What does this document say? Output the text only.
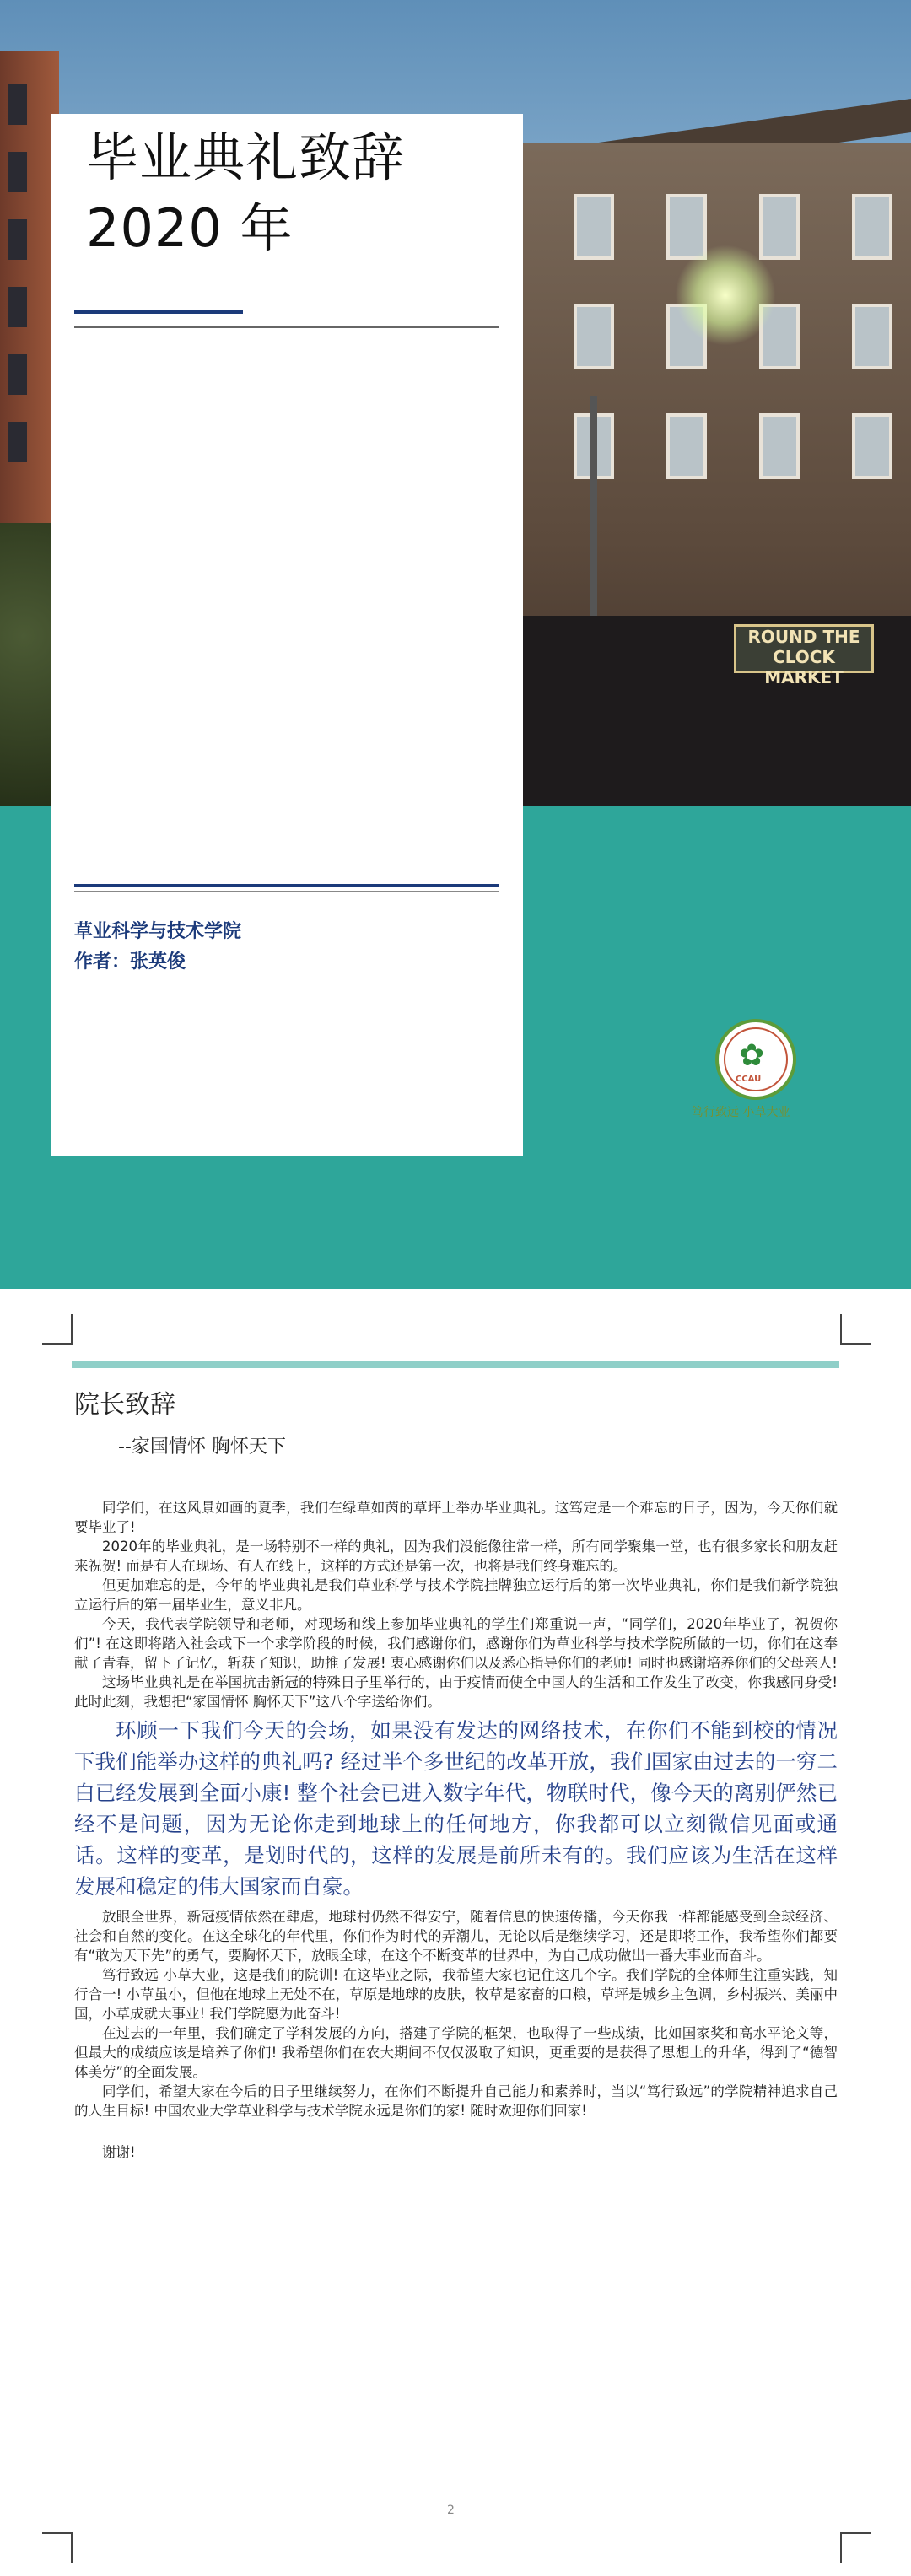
ROUND THE CLOCK MARKET
毕业典礼致辞
2020 年
草业科学与技术学院
作者：张英俊
✿
CCAU
笃行致远 小草大业
院长致辞
--家国情怀 胸怀天下

同学们，在这风景如画的夏季，我们在绿草如茵的草坪上举办毕业典礼。这笃定是一个难忘的日子，因为，今天你们就要毕业了!

2020年的毕业典礼，是一场特别不一样的典礼，因为我们没能像往常一样，所有同学聚集一堂，也有很多家长和朋友赶来祝贺! 而是有人在现场、有人在线上，这样的方式还是第一次，也将是我们终身难忘的。

但更加难忘的是，今年的毕业典礼是我们草业科学与技术学院挂牌独立运行后的第一次毕业典礼，你们是我们新学院独立运行后的第一届毕业生，意义非凡。

今天，我代表学院领导和老师，对现场和线上参加毕业典礼的学生们郑重说一声，“同学们，2020年毕业了，祝贺你们”! 在这即将踏入社会或下一个求学阶段的时候，我们感谢你们，感谢你们为草业科学与技术学院所做的一切，你们在这奉献了青春，留下了记忆，斩获了知识，助推了发展! 衷心感谢你们以及悉心指导你们的老师! 同时也感谢培养你们的父母亲人!

这场毕业典礼是在举国抗击新冠的特殊日子里举行的，由于疫情而使全中国人的生活和工作发生了改变，你我感同身受! 此时此刻，我想把“家国情怀 胸怀天下”这八个字送给你们。

环顾一下我们今天的会场，如果没有发达的网络技术，在你们不能到校的情况下我们能举办这样的典礼吗? 经过半个多世纪的改革开放，我们国家由过去的一穷二白已经发展到全面小康! 整个社会已进入数字年代，物联时代，像今天的离别俨然已经不是问题，因为无论你走到地球上的任何地方，你我都可以立刻微信见面或通话。这样的变革，是划时代的，这样的发展是前所未有的。我们应该为生活在这样发展和稳定的伟大国家而自豪。

放眼全世界，新冠疫情依然在肆虐，地球村仍然不得安宁，随着信息的快速传播，今天你我一样都能感受到全球经济、社会和自然的变化。在这全球化的年代里，你们作为时代的弄潮儿，无论以后是继续学习，还是即将工作，我希望你们都要有“敢为天下先”的勇气，要胸怀天下，放眼全球，在这个不断变革的世界中，为自己成功做出一番大事业而奋斗。

笃行致远 小草大业，这是我们的院训! 在这毕业之际，我希望大家也记住这几个字。我们学院的全体师生注重实践，知行合一! 小草虽小，但他在地球上无处不在，草原是地球的皮肤，牧草是家畜的口粮，草坪是城乡主色调，乡村振兴、美丽中国，小草成就大事业! 我们学院愿为此奋斗!

在过去的一年里，我们确定了学科发展的方向，搭建了学院的框架，也取得了一些成绩，比如国家奖和高水平论文等，但最大的成绩应该是培养了你们! 我希望你们在农大期间不仅仅汲取了知识，更重要的是获得了思想上的升华，得到了“德智体美劳”的全面发展。

同学们，希望大家在今后的日子里继续努力，在你们不断提升自己能力和素养时，当以“笃行致远”的学院精神追求自己的人生目标! 中国农业大学草业科学与技术学院永远是你们的家! 随时欢迎你们回家!

谢谢!

2
